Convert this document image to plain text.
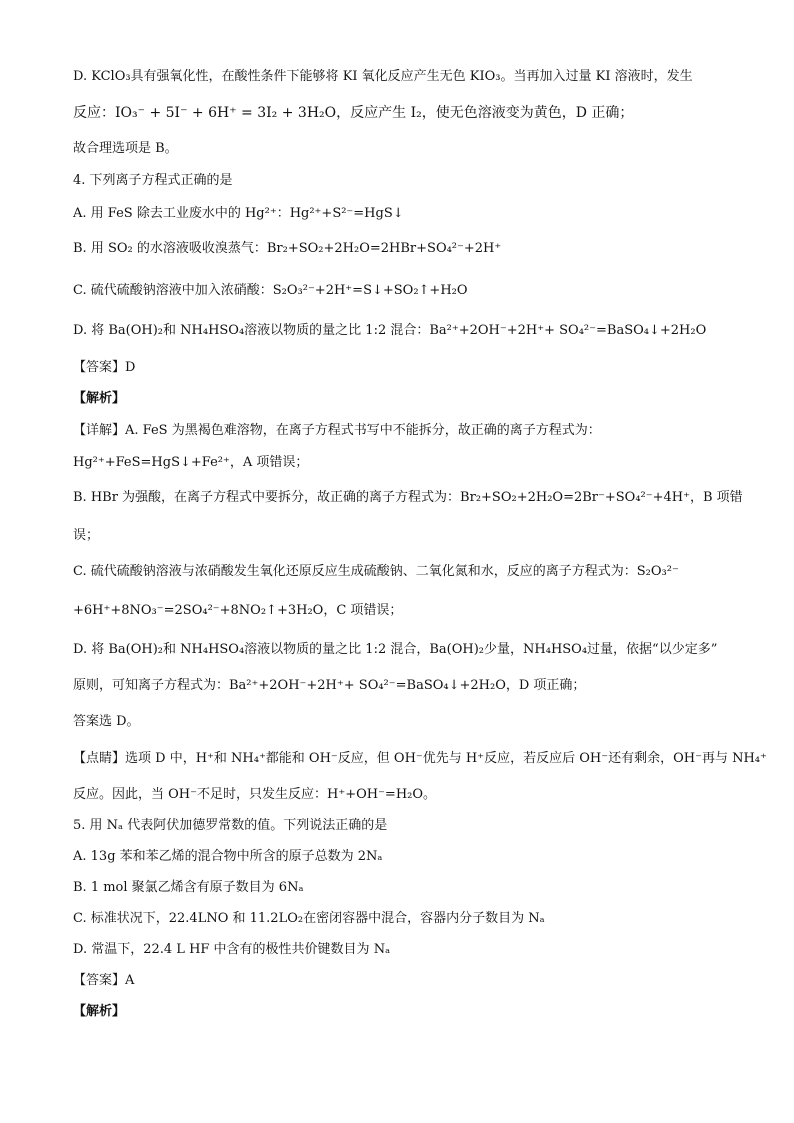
D. KClO₃具有强氧化性，在酸性条件下能够将 KI 氧化反应产生无色 KIO₃。当再加入过量 KI 溶液时，发生
反应：IO₃⁻ + 5I⁻ + 6H⁺ = 3I₂ + 3H₂O，反应产生 I₂，使无色溶液变为黄色，D 正确；
故合理选项是 B。
4. 下列离子方程式正确的是
A. 用 FeS 除去工业废水中的 Hg²⁺：Hg²⁺+S²⁻=HgS↓
B. 用 SO₂ 的水溶液吸收溴蒸气：Br₂+SO₂+2H₂O=2HBr+SO₄²⁻+2H⁺
C. 硫代硫酸钠溶液中加入浓硝酸：S₂O₃²⁻+2H⁺=S↓+SO₂↑+H₂O
D. 将 Ba(OH)₂和 NH₄HSO₄溶液以物质的量之比 1:2 混合：Ba²⁺+2OH⁻+2H⁺+ SO₄²⁻=BaSO₄↓+2H₂O
【答案】D
【解析】
【详解】A. FeS 为黑褐色难溶物，在离子方程式书写中不能拆分，故正确的离子方程式为：
Hg²⁺+FeS=HgS↓+Fe²⁺，A 项错误；
B. HBr 为强酸，在离子方程式中要拆分，故正确的离子方程式为：Br₂+SO₂+2H₂O=2Br⁻+SO₄²⁻+4H⁺，B 项错
误；
C. 硫代硫酸钠溶液与浓硝酸发生氧化还原反应生成硫酸钠、二氧化氮和水，反应的离子方程式为：S₂O₃²⁻
+6H⁺+8NO₃⁻=2SO₄²⁻+8NO₂↑+3H₂O，C 项错误；
D. 将 Ba(OH)₂和 NH₄HSO₄溶液以物质的量之比 1:2 混合，Ba(OH)₂少量，NH₄HSO₄过量，依据“以少定多”
原则，可知离子方程式为：Ba²⁺+2OH⁻+2H⁺+ SO₄²⁻=BaSO₄↓+2H₂O，D 项正确；
答案选 D。
【点睛】选项 D 中，H⁺和 NH₄⁺都能和 OH⁻反应，但 OH⁻优先与 H⁺反应，若反应后 OH⁻还有剩余，OH⁻再与 NH₄⁺
反应。因此，当 OH⁻不足时，只发生反应：H⁺+OH⁻=H₂O。
5. 用 Nₐ 代表阿伏加德罗常数的值。下列说法正确的是
A. 13g 苯和苯乙烯的混合物中所含的原子总数为 2Nₐ
B. 1 mol 聚氯乙烯含有原子数目为 6Nₐ
C. 标准状况下，22.4LNO 和 11.2LO₂在密闭容器中混合，容器内分子数目为 Nₐ
D. 常温下，22.4 L HF 中含有的极性共价键数目为 Nₐ
【答案】A
【解析】
